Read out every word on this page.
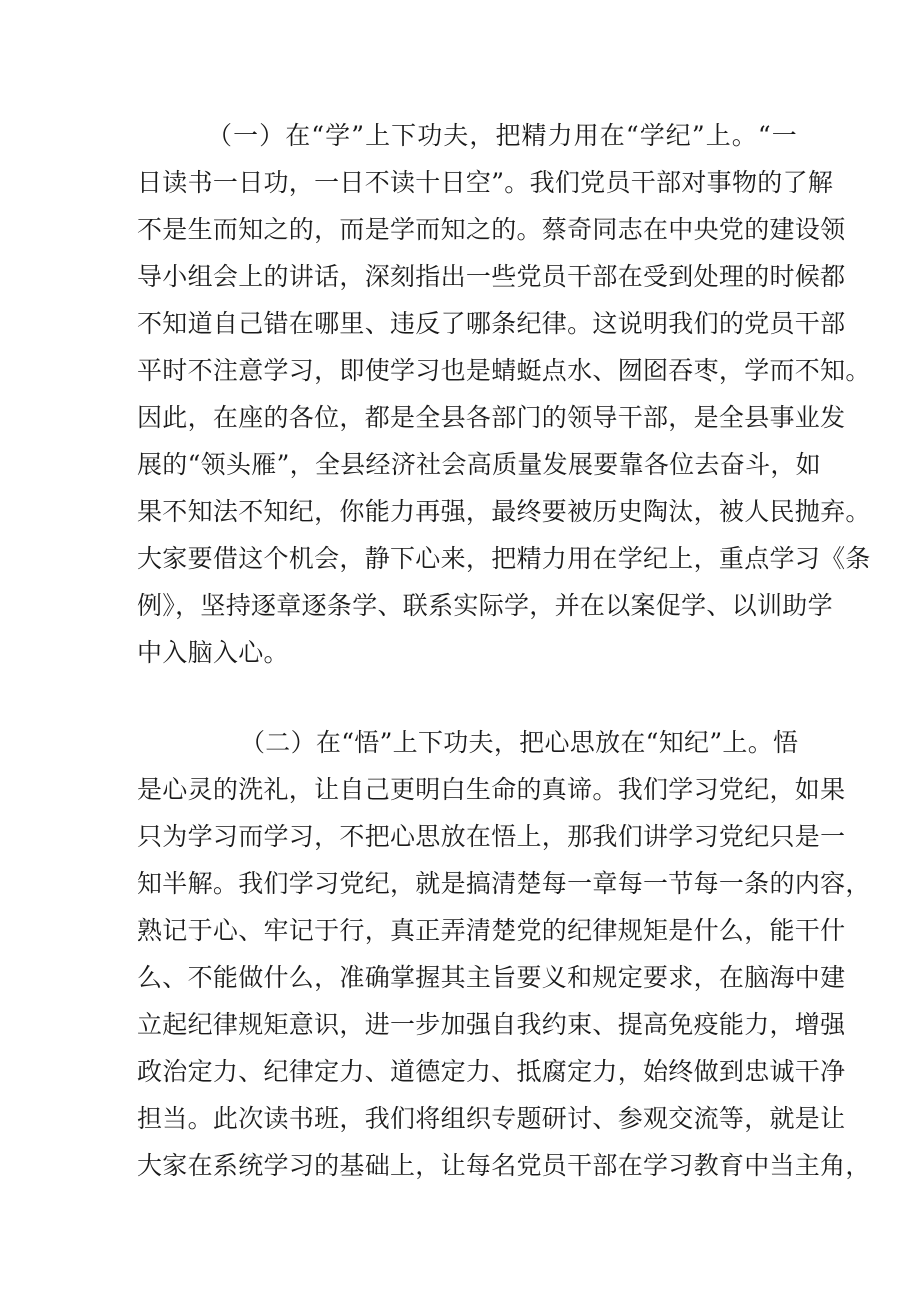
（一）在“学”上下功夫，把精力用在“学纪”上。“一
日读书一日功，一日不读十日空”。我们党员干部对事物的了解
不是生而知之的，而是学而知之的。蔡奇同志在中央党的建设领
导小组会上的讲话，深刻指出一些党员干部在受到处理的时候都
不知道自己错在哪里、违反了哪条纪律。这说明我们的党员干部
平时不注意学习，即使学习也是蜻蜓点水、囫囵吞枣，学而不知。
因此，在座的各位，都是全县各部门的领导干部，是全县事业发
展的“领头雁”，全县经济社会高质量发展要靠各位去奋斗，如
果不知法不知纪，你能力再强，最终要被历史陶汰，被人民抛弃。
大家要借这个机会，静下心来，把精力用在学纪上，重点学习《条
例》，坚持逐章逐条学、联系实际学，并在以案促学、以训助学
中入脑入心。
（二）在“悟”上下功夫，把心思放在“知纪”上。悟
是心灵的洗礼，让自己更明白生命的真谛。我们学习党纪，如果
只为学习而学习，不把心思放在悟上，那我们讲学习党纪只是一
知半解。我们学习党纪，就是搞清楚每一章每一节每一条的内容，
熟记于心、牢记于行，真正弄清楚党的纪律规矩是什么，能干什
么、不能做什么，准确掌握其主旨要义和规定要求，在脑海中建
立起纪律规矩意识，进一步加强自我约束、提高免疫能力，增强
政治定力、纪律定力、道德定力、抵腐定力，始终做到忠诚干净
担当。此次读书班，我们将组织专题研讨、参观交流等，就是让
大家在系统学习的基础上，让每名党员干部在学习教育中当主角，
